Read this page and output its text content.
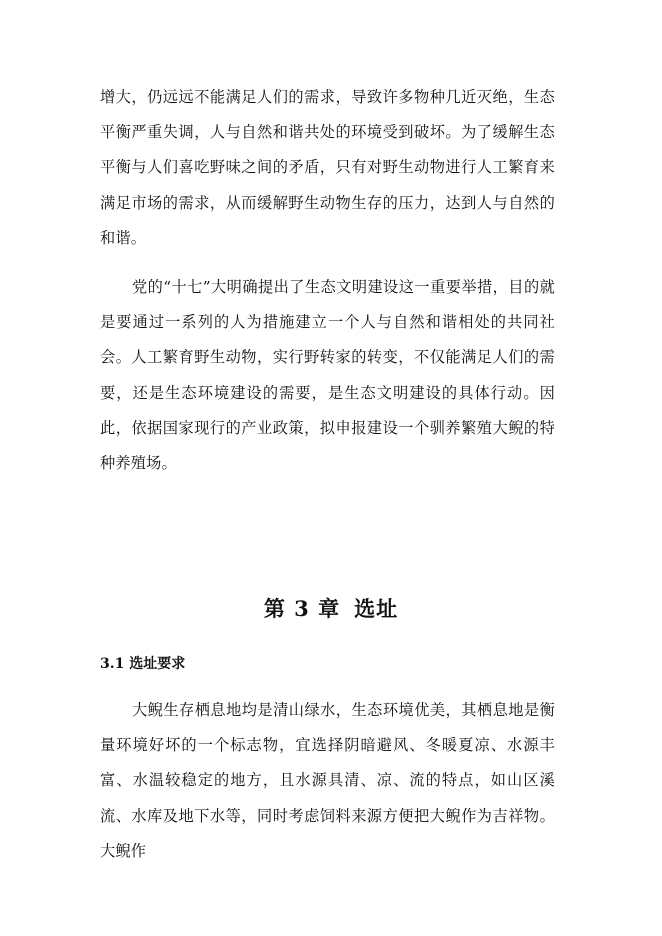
增大，仍远远不能满足人们的需求，导致许多物种几近灭绝，生态平衡严重失调，人与自然和谐共处的环境受到破坏。为了缓解生态平衡与人们喜吃野味之间的矛盾，只有对野生动物进行人工繁育来满足市场的需求，从而缓解野生动物生存的压力，达到人与自然的和谐。

党的“十七”大明确提出了生态文明建设这一重要举措，目的就是要通过一系列的人为措施建立一个人与自然和谐相处的共同社会。人工繁育野生动物，实行野转家的转变，不仅能满足人们的需要，还是生态环境建设的需要，是生态文明建设的具体行动。因此，依据国家现行的产业政策，拟申报建设一个驯养繁殖大鲵的特种养殖场。

第 3 章 选址
3.1 选址要求

大鲵生存栖息地均是清山绿水，生态环境优美，其栖息地是衡量环境好坏的一个标志物，宜选择阴暗避风、冬暖夏凉、水源丰富、水温较稳定的地方，且水源具清、凉、流的特点，如山区溪流、水库及地下水等，同时考虑饲料来源方便把大鲵作为吉祥物。大鲵作
